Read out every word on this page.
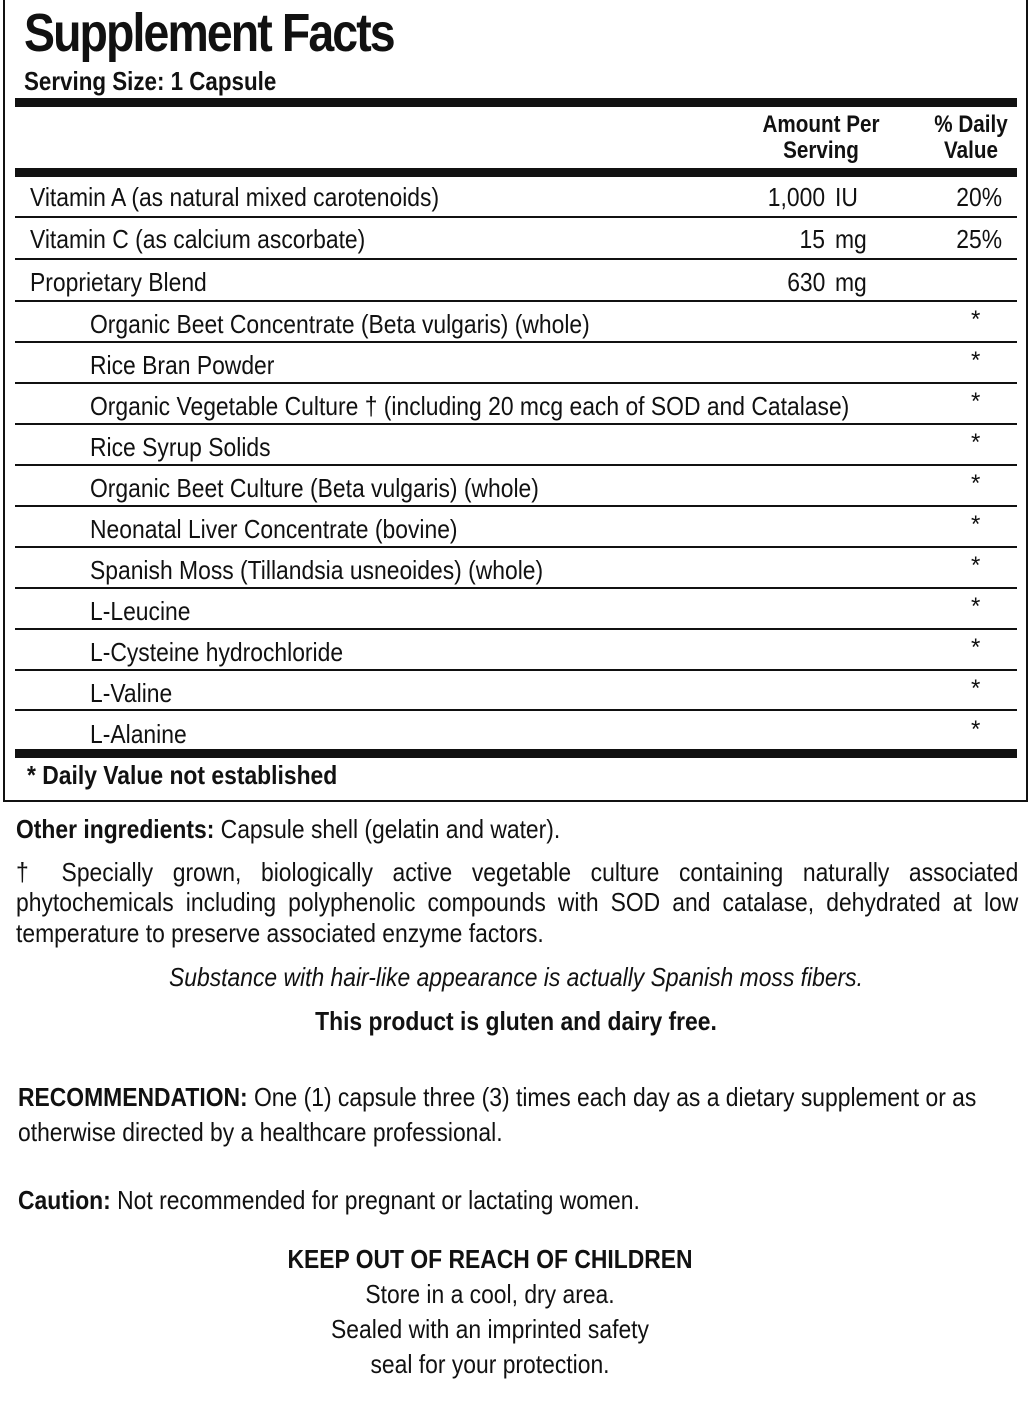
Supplement Facts
Serving Size: 1 Capsule
Amount Per
Serving
% Daily
Value
Vitamin A (as natural mixed carotenoids)	1,000 IU	20%
Vitamin C (as calcium ascorbate)	15 mg	25%
Proprietary Blend	630 mg
Organic Beet Concentrate (Beta vulgaris) (whole)	*
Rice Bran Powder	*
Organic Vegetable Culture † (including 20 mcg each of SOD and Catalase)	*
Rice Syrup Solids	*
Organic Beet Culture (Beta vulgaris) (whole)	*
Neonatal Liver Concentrate (bovine)	*
Spanish Moss (Tillandsia usneoides) (whole)	*
L-Leucine	*
L-Cysteine hydrochloride	*
L-Valine	*
L-Alanine	*
* Daily Value not established
Other ingredients: Capsule shell (gelatin and water).
† Specially grown, biologically active vegetable culture containing naturally associated
phytochemicals including polyphenolic compounds with SOD and catalase, dehydrated at low
temperature to preserve associated enzyme factors.
Substance with hair-like appearance is actually Spanish moss fibers.
This product is gluten and dairy free.
RECOMMENDATION: One (1) capsule three (3) times each day as a dietary supplement or as
otherwise directed by a healthcare professional.
Caution: Not recommended for pregnant or lactating women.
KEEP OUT OF REACH OF CHILDREN
Store in a cool, dry area.
Sealed with an imprinted safety
seal for your protection.
